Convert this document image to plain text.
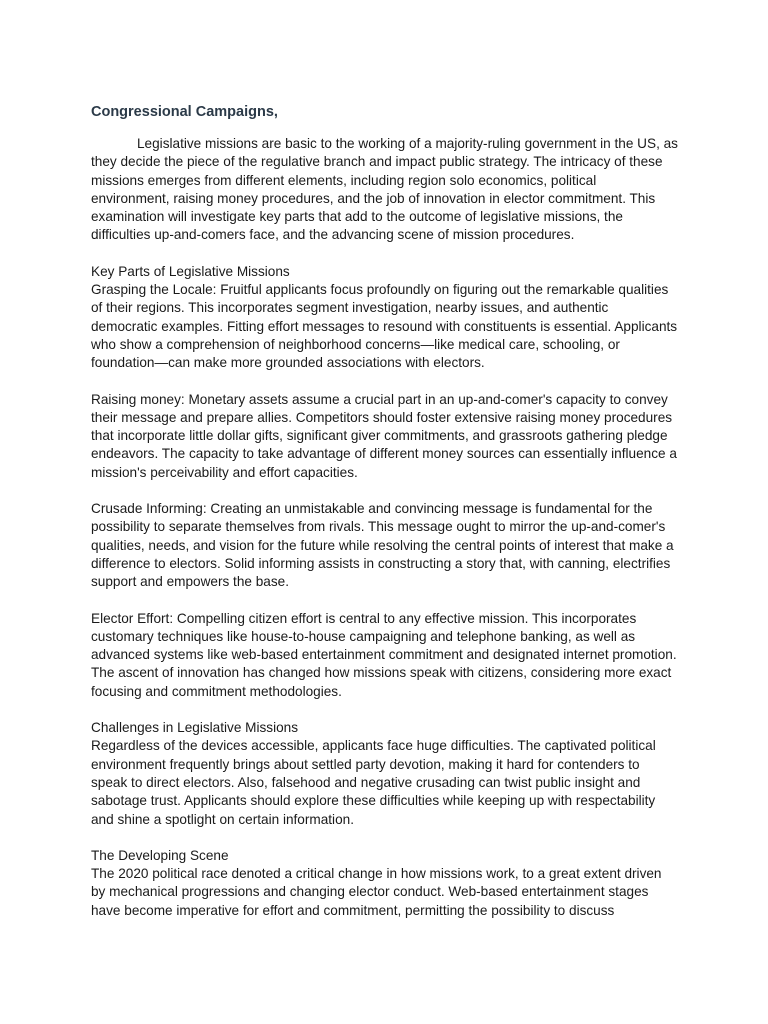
Congressional Campaigns,

Legislative missions are basic to the working of a majority-ruling government in the US, as they decide the piece of the regulative branch and impact public strategy. The intricacy of these missions emerges from different elements, including region solo economics, political environment, raising money procedures, and the job of innovation in elector commitment. This examination will investigate key parts that add to the outcome of legislative missions, the difficulties up-and-comers face, and the advancing scene of mission procedures.

Key Parts of Legislative Missions

Grasping the Locale: Fruitful applicants focus profoundly on figuring out the remarkable qualities of their regions. This incorporates segment investigation, nearby issues, and authentic democratic examples. Fitting effort messages to resound with constituents is essential. Applicants who show a comprehension of neighborhood concerns—like medical care, schooling, or foundation—can make more grounded associations with electors.

Raising money: Monetary assets assume a crucial part in an up-and-comer's capacity to convey their message and prepare allies. Competitors should foster extensive raising money procedures that incorporate little dollar gifts, significant giver commitments, and grassroots gathering pledge endeavors. The capacity to take advantage of different money sources can essentially influence a mission's perceivability and effort capacities.

Crusade Informing: Creating an unmistakable and convincing message is fundamental for the possibility to separate themselves from rivals. This message ought to mirror the up-and-comer's qualities, needs, and vision for the future while resolving the central points of interest that make a difference to electors. Solid informing assists in constructing a story that, with canning, electrifies support and empowers the base.

Elector Effort: Compelling citizen effort is central to any effective mission. This incorporates customary techniques like house-to-house campaigning and telephone banking, as well as advanced systems like web-based entertainment commitment and designated internet promotion. The ascent of innovation has changed how missions speak with citizens, considering more exact focusing and commitment methodologies.

Challenges in Legislative Missions

Regardless of the devices accessible, applicants face huge difficulties. The captivated political environment frequently brings about settled party devotion, making it hard for contenders to speak to direct electors. Also, falsehood and negative crusading can twist public insight and sabotage trust. Applicants should explore these difficulties while keeping up with respectability and shine a spotlight on certain information.

The Developing Scene

The 2020 political race denoted a critical change in how missions work, to a great extent driven by mechanical progressions and changing elector conduct. Web-based entertainment stages have become imperative for effort and commitment, permitting the possibility to discuss
